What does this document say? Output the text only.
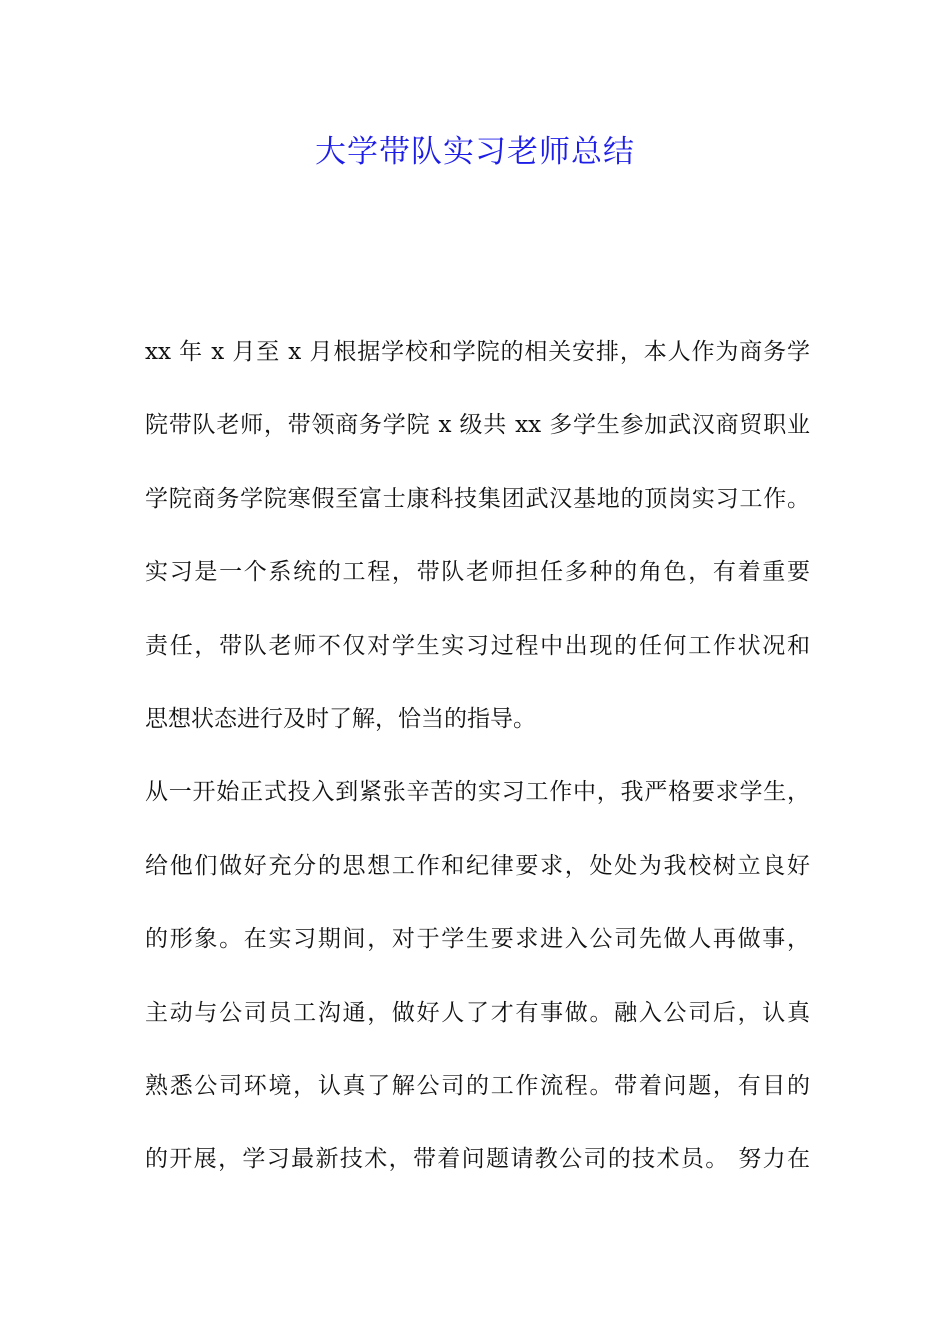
大学带队实习老师总结
xx 年 x 月至 x 月根据学校和学院的相关安排，本人作为商务学
院带队老师，带领商务学院 x 级共 xx 多学生参加武汉商贸职业
学院商务学院寒假至富士康科技集团武汉基地的顶岗实习工作。
实习是一个系统的工程，带队老师担任多种的角色，有着重要
责任，带队老师不仅对学生实习过程中出现的任何工作状况和
思想状态进行及时了解，恰当的指导。
从一开始正式投入到紧张辛苦的实习工作中，我严格要求学生，
给他们做好充分的思想工作和纪律要求，处处为我校树立良好
的形象。在实习期间，对于学生要求进入公司先做人再做事，
主动与公司员工沟通，做好人了才有事做。融入公司后，认真
熟悉公司环境，认真了解公司的工作流程。带着问题，有目的
的开展，学习最新技术，带着问题请教公司的技术员。 努力在
